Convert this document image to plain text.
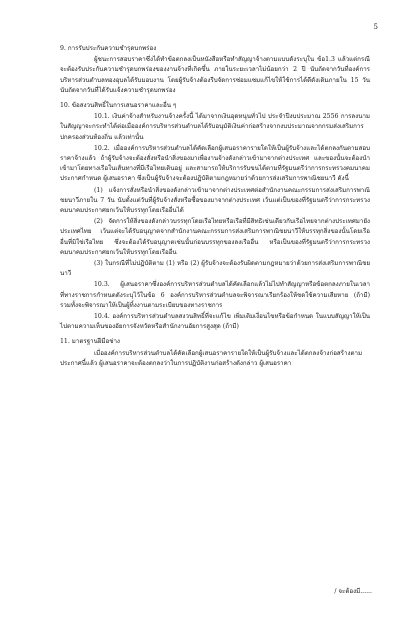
5

9. การรับประกันความชำรุดบกพร่อง

ผู้ชนะการสอบราคาซึ่งได้ทำข้อตกลงเป็นหนังสือหรือทำสัญญาจ้างตามแบบดังระบุใน ข้อ1.3 แล้วแต่กรณีจะต้องรับประกันความชำรุดบกพร่องของงานจ้างที่เกิดขึ้น ภายในระยะเวลาไม่น้อยกว่า 2 ปี นับถัดจากวันที่องค์การบริหารส่วนตำบลทองอุบลได้รับมอบงาน โดยผู้รับจ้างต้องรีบจัดการซ่อมแซมแก้ไขให้ใช้การได้ดีดังเดิมภายใน 15 วัน นับถัดจากวันที่ได้รับแจ้งความชำรุดบกพร่อง

10. ข้อสงวนสิทธิ์ในการเสนอราคาและอื่น ๆ

10.1. เงินค่าจ้างสำหรับงานจ้างครั้งนี้ ได้มาจากเงินอุดหนุนทั่วไป ประจำปีงบประมาณ 2556 การลงนามในสัญญาจะกระทำได้ต่อเมื่อองค์การบริหารส่วนตำบลได้รับอนุมัติเงินค่าก่อสร้างจากงบประมาณจากกรมส่งเสริมการปกครองส่วนท้องถิ่น แล้วเท่านั้น

10.2. เมื่อองค์การบริหารส่วนตำบลได้คัดเลือกผู้เสนอราคารายใดให้เป็นผู้รับจ้างและได้ตกลงกันตามสอบราคาจ้างแล้ว ถ้าผู้รับจ้างจะต้องสั่งหรือนำสิ่งของมาเพื่องานจ้างดังกล่าวเข้ามาจากต่างประเทศ และของนั้นจะต้องนำเข้ามาโดยทางเรือในเส้นทางที่มีเรือไทยเดินอยู่ และสามารถให้บริการรับขนได้ตามที่รัฐมนตรีว่าการกระทรวงคมนาคมประกาศกำหนด ผู้เสนอราคา ซึ่งเป็นผู้รับจ้างจะต้องปฏิบัติตามกฎหมายว่าด้วยการส่งเสริมการพาณิชยนาวี ดังนี้

(1) แจ้งการสั่งหรือนำสิ่งของดังกล่าวเข้ามาจากต่างประเทศต่อสำนักงานคณะกรรมการส่งเสริมการพาณิชยนาวีภายใน 7 วัน นับตั้งแต่วันที่ผู้รับจ้างสั่งหรือซื้อของมาจากต่างประเทศ เว้นแต่เป็นของที่รัฐมนตรีว่าการกระทรวงคมนาคมประกาศยกเว้นให้บรรทุกโดยเรืออื่นได้

(2) จัดการให้สิ่งของดังกล่าวบรรทุกโดยเรือไทยหรือเรือที่มีสิทธิเช่นเดียวกับเรือไทยจากต่างประเทศมายังประเทศไทย เว้นแต่จะได้รับอนุญาตจากสำนักงานคณะกรรมการส่งเสริมการพาณิชยนาวีให้บรรทุกสิ่งของนั้นโดยเรืออื่นที่มิใช่เรือไทย ซึ่งจะต้องได้รับอนุญาตเช่นนั้นก่อนบรรทุกของลงเรืออื่น หรือเป็นของที่รัฐมนตรีว่าการกระทรวงคมนาคมประกาศยกเว้นให้บรรทุกโดยเรืออื่น

(3) ในกรณีที่ไม่ปฏิบัติตาม (1) หรือ (2) ผู้รับจ้างจะต้องรับผิดตามกฎหมายว่าด้วยการส่งเสริมการพาณิชยนาวี

10.3. ผู้เสนอราคาซึ่งองค์การบริหารส่วนตำบลได้คัดเลือกแล้วไม่ไปทำสัญญาหรือข้อตกลงภายในเวลาที่ทางราชการกำหนดดังระบุไว้ในข้อ 6 องค์การบริหารส่วนตำบลจะพิจารณาเรียกร้องให้ชดใช้ความเสียหาย (ถ้ามี) รวมทั้งจะพิจารณาให้เป็นผู้ทิ้งงานตามระเบียบของทางราชการ

10.4. องค์การบริหารส่วนตำบลสงวนสิทธิ์ที่จะแก้ไข เพิ่มเติมเงื่อนไขหรือข้อกำหนด ในแบบสัญญาให้เป็นไปตามความเห็นของอัยการจังหวัดหรือสำนักงานอัยการสูงสุด (ถ้ามี)

11. มาตรฐานฝีมือช่าง

เมื่อองค์การบริหารส่วนตำบลได้คัดเลือกผู้เสนอราคารายใดให้เป็นผู้รับจ้างและได้ตกลงจ้างก่อสร้างตามประกาศนี้แล้ว ผู้เสนอราคาจะต้องตกลงว่าในการปฏิบัติงานก่อสร้างดังกล่าว ผู้เสนอราคา

/ จะต้องมี......
